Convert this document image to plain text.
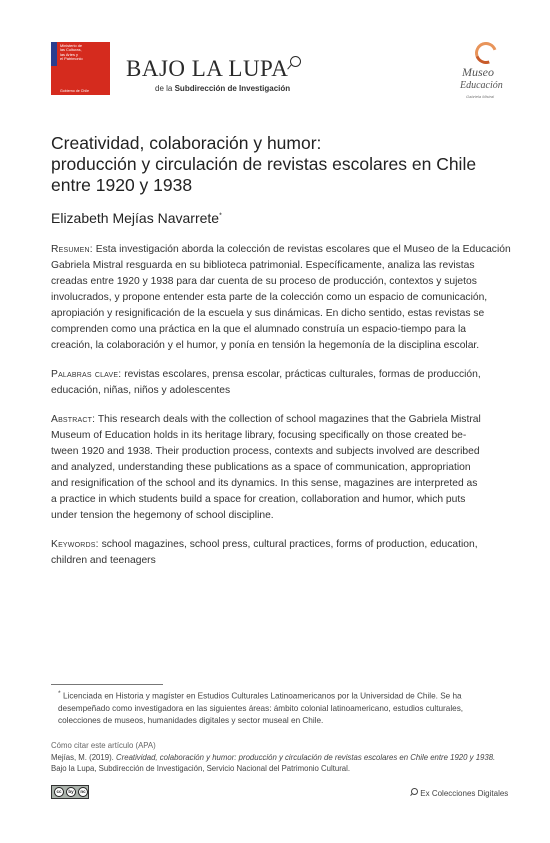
Ministerio de
las Culturas,
las Artes y
el Patrimonio
Gobierno de Chile
BAJO LA LUPA
de la Subdirección de Investigación
Museo
Educación
Gabriela Mistral
Creatividad, colaboración y humor:
producción y circulación de revistas escolares en Chile
entre 1920 y 1938
Elizabeth Mejías Navarrete*
Resumen: Esta investigación aborda la colección de revistas escolares que el Museo de la Educación
Gabriela Mistral resguarda en su biblioteca patrimonial. Específicamente, analiza las revistas
creadas entre 1920 y 1938 para dar cuenta de su proceso de producción, contextos y sujetos
involucrados, y propone entender esta parte de la colección como un espacio de comunicación,
apropiación y resignificación de la escuela y sus dinámicas. En dicho sentido, estas revistas se
comprenden como una práctica en la que el alumnado construía un espacio-tiempo para la
creación, la colaboración y el humor, y ponía en tensión la hegemonía de la disciplina escolar.
Palabras clave: revistas escolares, prensa escolar, prácticas culturales, formas de producción,
educación, niñas, niños y adolescentes
Abstract: This research deals with the collection of school magazines that the Gabriela Mistral
Museum of Education holds in its heritage library, focusing specifically on those created be-
tween 1920 and 1938. Their production process, contexts and subjects involved are described
and analyzed, understanding these publications as a space of communication, appropriation
and resignification of the school and its dynamics. In this sense, magazines are interpreted as
a practice in which students build a space for creation, collaboration and humor, which puts
under tension the hegemony of school discipline.
Keywords: school magazines, school press, cultural practices, forms of production, education,
children and teenagers
* Licenciada en Historia y magíster en Estudios Culturales Latinoamericanos por la Universidad de Chile. Se ha
desempeñado como investigadora en las siguientes áreas: ámbito colonial latinoamericano, estudios culturales,
colecciones de museos, humanidades digitales y sector museal en Chile.
Cómo citar este artículo (APA)
Mejías, M. (2019). Creatividad, colaboración y humor: producción y circulación de revistas escolares en Chile entre 1920 y 1938.
Bajo la Lupa, Subdirección de Investigación, Servicio Nacional del Patrimonio Cultural.
cc	by	nc	Ex Colecciones Digitales
